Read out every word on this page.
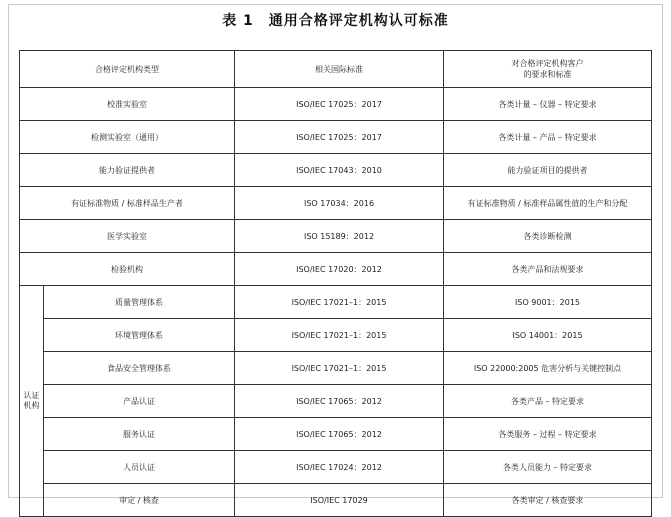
表 1　通用合格评定机构认可标准
合格评定机构类型		相关国际标准	对合格评定机构客户
的要求和标准
校准实验室		ISO/IEC 17025：2017	各类计量 – 仪器 – 特定要求
检测实验室（通用）		ISO/IEC 17025：2017	各类计量 – 产品 – 特定要求
能力验证提供者		ISO/IEC 17043：2010	能力验证项目的提供者
有证标准物质 / 标准样品生产者		ISO 17034：2016	有证标准物质 / 标准样品属性值的生产和分配
医学实验室		ISO 15189：2012	各类诊断检测
检验机构		ISO/IEC 17020：2012	各类产品和法规要求
认证
机构	质量管理体系	ISO/IEC 17021–1：2015	ISO 9001：2015
	环境管理体系	ISO/IEC 17021–1：2015	ISO 14001：2015
	食品安全管理体系	ISO/IEC 17021–1：2015	ISO 22000:2005 危害分析与关键控制点
	产品认证	ISO/IEC 17065：2012	各类产品 – 特定要求
	服务认证	ISO/IEC 17065：2012	各类服务 – 过程 – 特定要求
	人员认证	ISO/IEC 17024：2012	各类人员能力 – 特定要求
	审定 / 核查	ISO/IEC 17029	各类审定 / 核查要求
